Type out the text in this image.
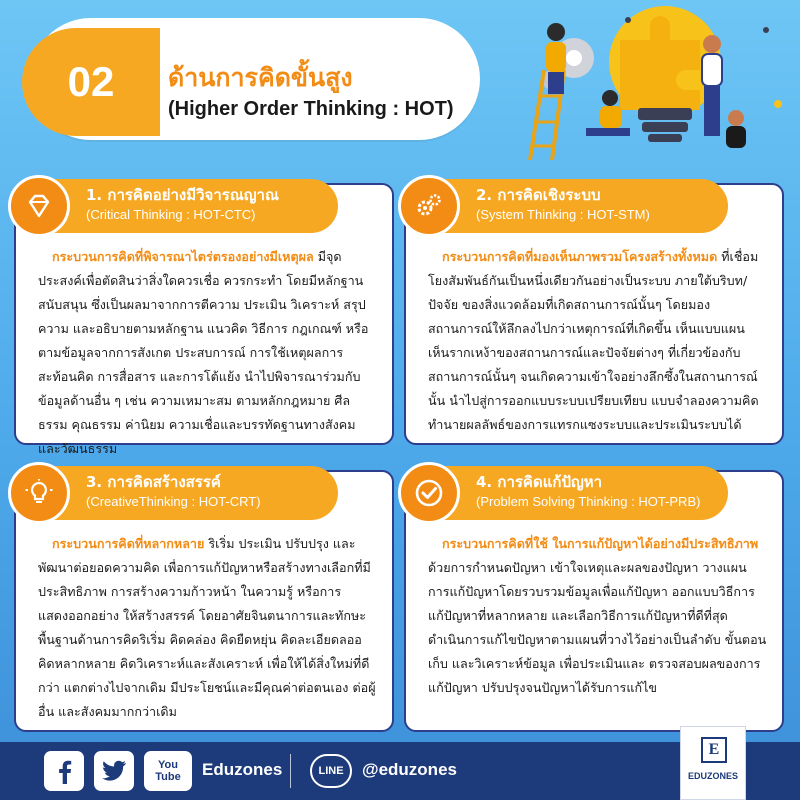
02 ด้านการคิดขั้นสูง
(Higher Order Thinking : HOT)
1. การคิดอย่างมีวิจารณญาณ
(Critical Thinking : HOT-CTC)
กระบวนการคิดที่พิจารณาไตร่ตรองอย่างมีเหตุผล มีจุดประสงค์เพื่อตัดสินว่าสิ่งใดควรเชื่อ ควรกระทำ โดยมีหลักฐานสนับสนุน ซึ่งเป็นผลมาจากการตีความ ประเมิน วิเคราะห์ สรุปความ และอธิบายตามหลักฐาน แนวคิด วิธีการ กฎเกณฑ์ หรือตามข้อมูลจากการสังเกต ประสบการณ์ การใช้เหตุผลการสะท้อนคิด การสื่อสาร และการโต้แย้ง นำไปพิจารณาร่วมกับข้อมูลด้านอื่น ๆ เช่น ความเหมาะสม ตามหลักกฎหมาย ศีลธรรม คุณธรรม ค่านิยม ความเชื่อและบรรทัดฐานทางสังคมและวัฒนธรรม
2. การคิดเชิงระบบ
(System Thinking : HOT-STM)
กระบวนการคิดที่มองเห็นภาพรวมโครงสร้างทั้งหมด ที่เชื่อมโยงสัมพันธ์กันเป็นหนึ่งเดียวกันอย่างเป็นระบบ ภายใต้บริบท/ปัจจัย ของสิ่งแวดล้อมที่เกิดสถานการณ์นั้นๆ โดยมองสถานการณ์ให้ลึกลงไปกว่าเหตุการณ์ที่เกิดขึ้น เห็นแบบแผน เห็นรากเหง้าของสถานการณ์และปัจจัยต่างๆ ที่เกี่ยวข้องกับสถานการณ์นั้นๆ จนเกิดความเข้าใจอย่างลึกซึ้งในสถานการณ์นั้น นำไปสู่การออกแบบระบบเปรียบเทียบ แบบจำลองความคิด ทำนายผลลัพธ์ของการแทรกแซงระบบและประเมินระบบได้
3. การคิดสร้างสรรค์
(CreativeThinking : HOT-CRT)
กระบวนการคิดที่หลากหลาย ริเริ่ม ประเมิน ปรับปรุง และพัฒนาต่อยอดความคิด เพื่อการแก้ปัญหาหรือสร้างทางเลือกที่มีประสิทธิภาพ การสร้างความก้าวหน้า ในความรู้ หรือการแสดงออกอย่าง ให้สร้างสรรค์ โดยอาศัยจินตนาการและทักษะพื้นฐานด้านการคิดริเริ่ม คิดคล่อง คิดยืดหยุ่น คิดละเอียดลออ คิดหลากหลาย คิดวิเคราะห์และสังเคราะห์ เพื่อให้ได้สิ่งใหม่ที่ดีกว่า แตกต่างไปจากเดิม มีประโยชน์และมีคุณค่าต่อตนเอง ต่อผู้อื่น และสังคมมากกว่าเดิม
4. การคิดแก้ปัญหา
(Problem Solving Thinking : HOT-PRB)
กระบวนการคิดที่ใช้ ในการแก้ปัญหาได้อย่างมีประสิทธิภาพ ด้วยการกำหนดปัญหา เข้าใจเหตุและผลของปัญหา วางแผนการแก้ปัญหาโดยรวบรวมข้อมูลเพื่อแก้ปัญหา ออกแบบวิธีการแก้ปัญหาที่หลากหลาย และเลือกวิธีการแก้ปัญหาที่ดีที่สุด ดำเนินการแก้ไขปัญหาตามแผนที่วางไว้อย่างเป็นลำดับ ขั้นตอน เก็บ และวิเคราะห์ข้อมูล เพื่อประเมินและ ตรวจสอบผลของการแก้ปัญหา ปรับปรุงจนปัญหาได้รับการแก้ไข
You Tube Eduzones	LINE	@eduzones
E
EDUZONES
